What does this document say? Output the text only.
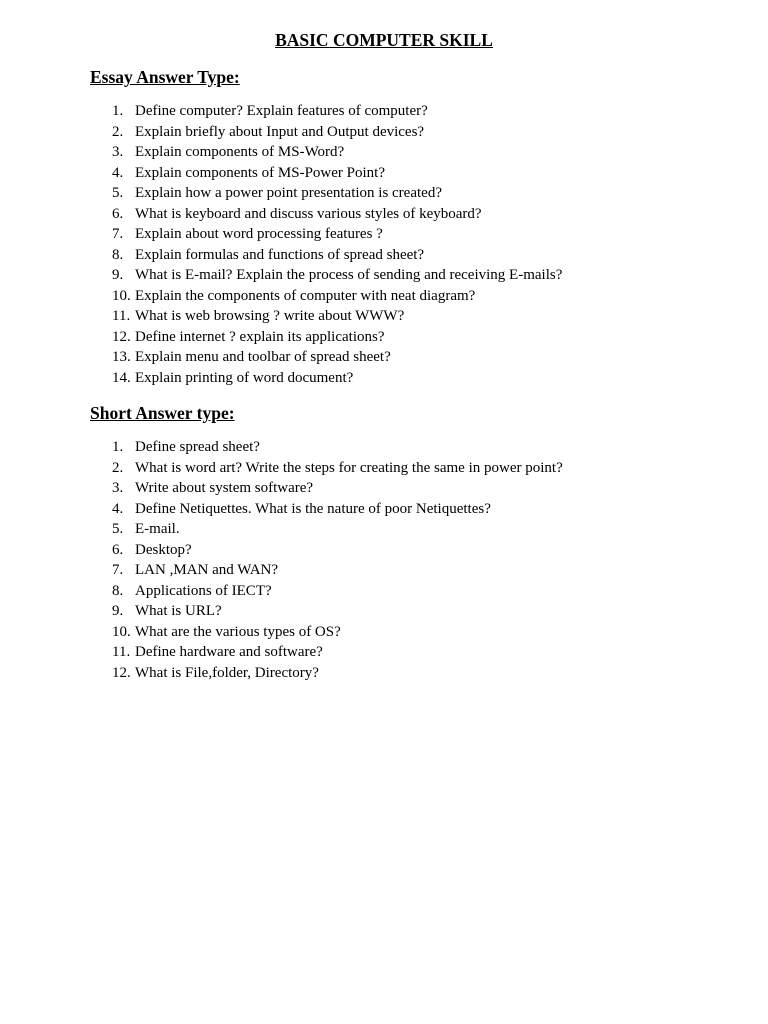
BASIC COMPUTER SKILL
Essay Answer Type:
1. Define computer? Explain features of computer?
2. Explain briefly about Input and Output devices?
3. Explain components of MS-Word?
4. Explain components of MS-Power Point?
5. Explain how a power point presentation is created?
6. What is keyboard and discuss various styles of keyboard?
7. Explain about word processing features ?
8. Explain formulas and functions of spread sheet?
9. What is E-mail? Explain the process of sending and receiving E-mails?
10. Explain the components of computer with neat diagram?
11. What is web browsing ? write about WWW?
12. Define internet ? explain its applications?
13. Explain menu and toolbar of spread sheet?
14. Explain printing of word document?
Short Answer type:
1. Define spread sheet?
2. What is word art? Write the steps for creating the same in power point?
3. Write about system software?
4. Define Netiquettes. What is the nature of poor Netiquettes?
5. E-mail.
6. Desktop?
7. LAN ,MAN and WAN?
8. Applications of IECT?
9. What is URL?
10. What are the various types of OS?
11. Define hardware and software?
12. What is File,folder, Directory?
